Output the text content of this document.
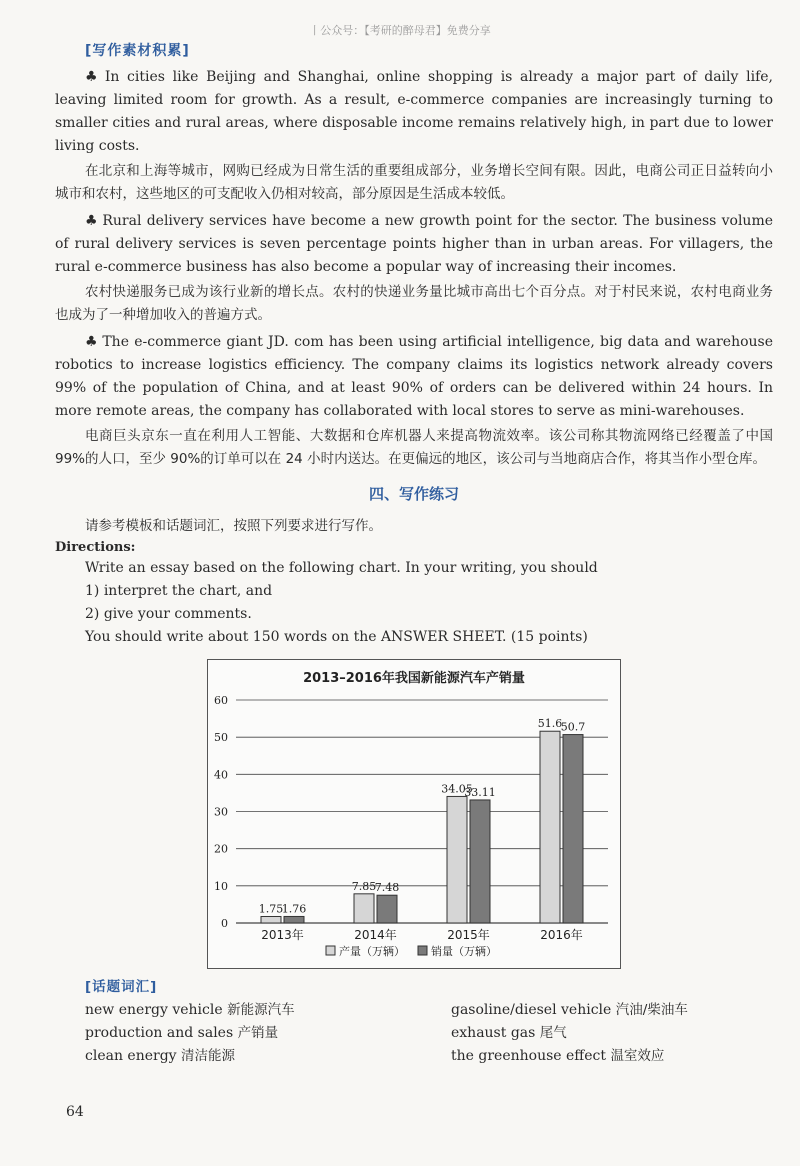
丨公众号：【考研的醉母君】免费分享
[写作素材积累]

♣ In cities like Beijing and Shanghai, online shopping is already a major part of daily life, leaving limited room for growth. As a result, e-commerce companies are increasingly turning to smaller cities and rural areas, where disposable income remains relatively high, in part due to lower living costs.

在北京和上海等城市，网购已经成为日常生活的重要组成部分，业务增长空间有限。因此，电商公司正日益转向小城市和农村，这些地区的可支配收入仍相对较高，部分原因是生活成本较低。

♣ Rural delivery services have become a new growth point for the sector. The business volume of rural delivery services is seven percentage points higher than in urban areas. For villagers, the rural e-commerce business has also become a popular way of increasing their incomes.

农村快递服务已成为该行业新的增长点。农村的快递业务量比城市高出七个百分点。对于村民来说，农村电商业务也成为了一种增加收入的普遍方式。

♣ The e-commerce giant JD. com has been using artificial intelligence, big data and warehouse robotics to increase logistics efficiency. The company claims its logistics network already covers 99% of the population of China, and at least 90% of orders can be delivered within 24 hours. In more remote areas, the company has collaborated with local stores to serve as mini-warehouses.

电商巨头京东一直在利用人工智能、大数据和仓库机器人来提高物流效率。该公司称其物流网络已经覆盖了中国 99%的人口，至少 90%的订单可以在 24 小时内送达。在更偏远的地区，该公司与当地商店合作，将其当作小型仓库。

四、写作练习
请参考模板和话题词汇，按照下列要求进行写作。
Directions:
Write an essay based on the following chart. In your writing, you should
1) interpret the chart, and
2) give your comments.
You should write about 150 words on the ANSWER SHEET. (15 points)
2013–2016年我国新能源汽车产销量
0
10
20
30
40
50
60
1.75
1.76
2013年
7.85
7.48
2014年
34.05
33.11
2015年
51.6
50.7
2016年
产量（万辆） 销量（万辆）
[话题词汇]
new energy vehicle 新能源汽车	gasoline/diesel vehicle 汽油/柴油车
production and sales 产销量	exhaust gas 尾气
clean energy 清洁能源	the greenhouse effect 温室效应
64
